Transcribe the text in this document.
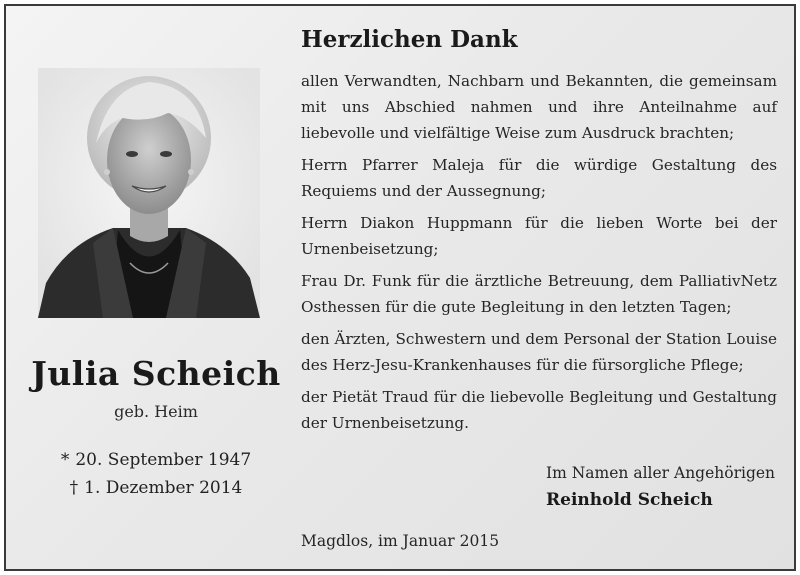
Julia Scheich
geb. Heim
* 20. September 1947
† 1. Dezember 2014
Herzlichen Dank

allen Verwandten, Nachbarn und Bekannten, die gemeinsam mit uns Abschied nahmen und ihre Anteilnahme auf liebevolle und vielfältige Weise zum Ausdruck brachten;

Herrn Pfarrer Maleja für die würdige Gestaltung des Requiems und der Aussegnung;

Herrn Diakon Huppmann für die lieben Worte bei der Urnenbeisetzung;

Frau Dr. Funk für die ärztliche Betreuung, dem PalliativNetz Osthessen für die gute Begleitung in den letzten Tagen;

den Ärzten, Schwestern und dem Personal der Station Louise des Herz-Jesu-Krankenhauses für die fürsorgliche Pflege;

der Pietät Traud für die liebevolle Begleitung und Gestaltung der Urnenbeisetzung.

Im Namen aller Angehörigen
Reinhold Scheich
Magdlos, im Januar 2015
